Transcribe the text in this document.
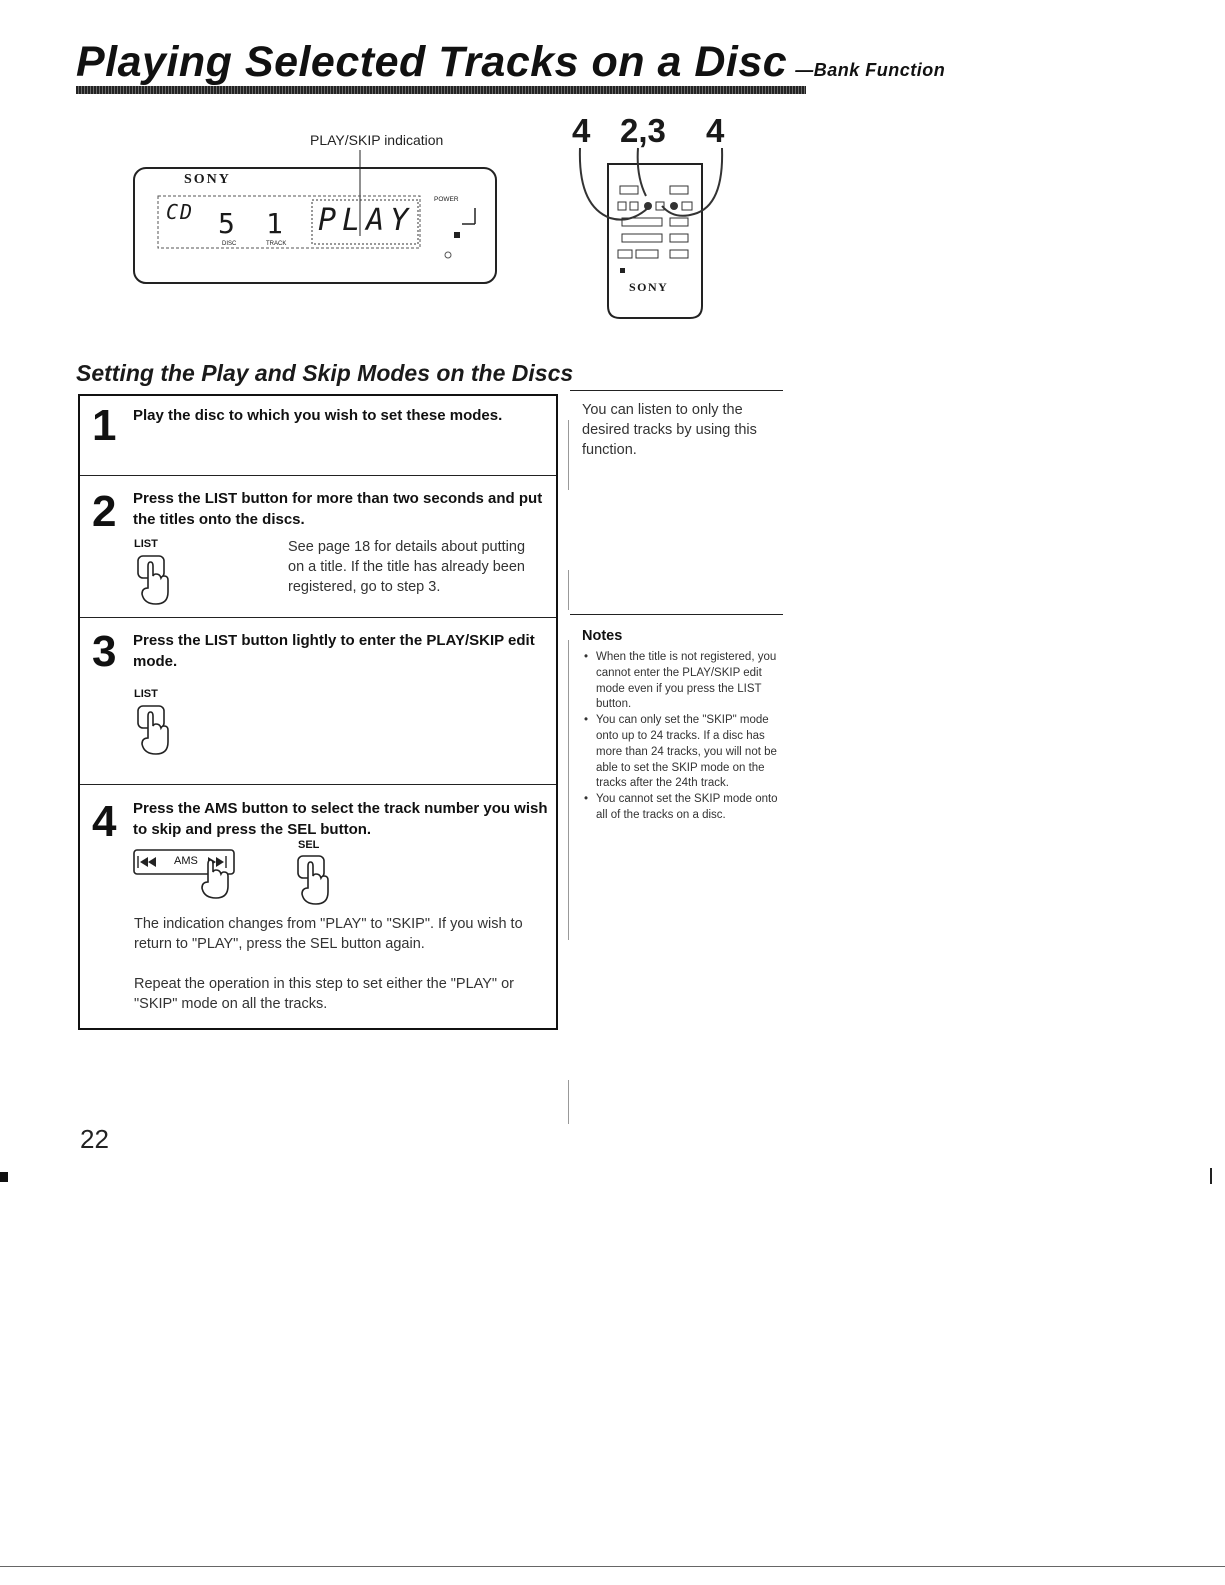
Playing Selected Tracks on a Disc —Bank Function
PLAY/SKIP indication
SONY
CD 5 1 PLAY
DISC	TRACK
POWER
4 2,3 4
SONY
Setting the Play and Skip Modes on the Discs
1 Play the disc to which you wish to set these modes.
2 Press the LIST button for more than two seconds and put the titles onto the discs.
LIST	See page 18 for details about putting on a title. If the title has already been registered, go to step 3.
3 Press the LIST button lightly to enter the PLAY/SKIP edit mode.
LIST
4 Press the AMS button to select the track number you wish to skip and press the SEL button.
AMS
SEL
The indication changes from "PLAY" to "SKIP". If you wish to return to "PLAY", press the SEL button again.
Repeat the operation in this step to set either the "PLAY" or "SKIP" mode on all the tracks.
You can listen to only the desired tracks by using this function.
Notes
• When the title is not registered, you cannot enter the PLAY/SKIP edit mode even if you press the LIST button.
• You can only set the "SKIP" mode onto up to 24 tracks. If a disc has more than 24 tracks, you will not be able to set the SKIP mode on the tracks after the 24th track.
• You cannot set the SKIP mode onto all of the tracks on a disc.
22
